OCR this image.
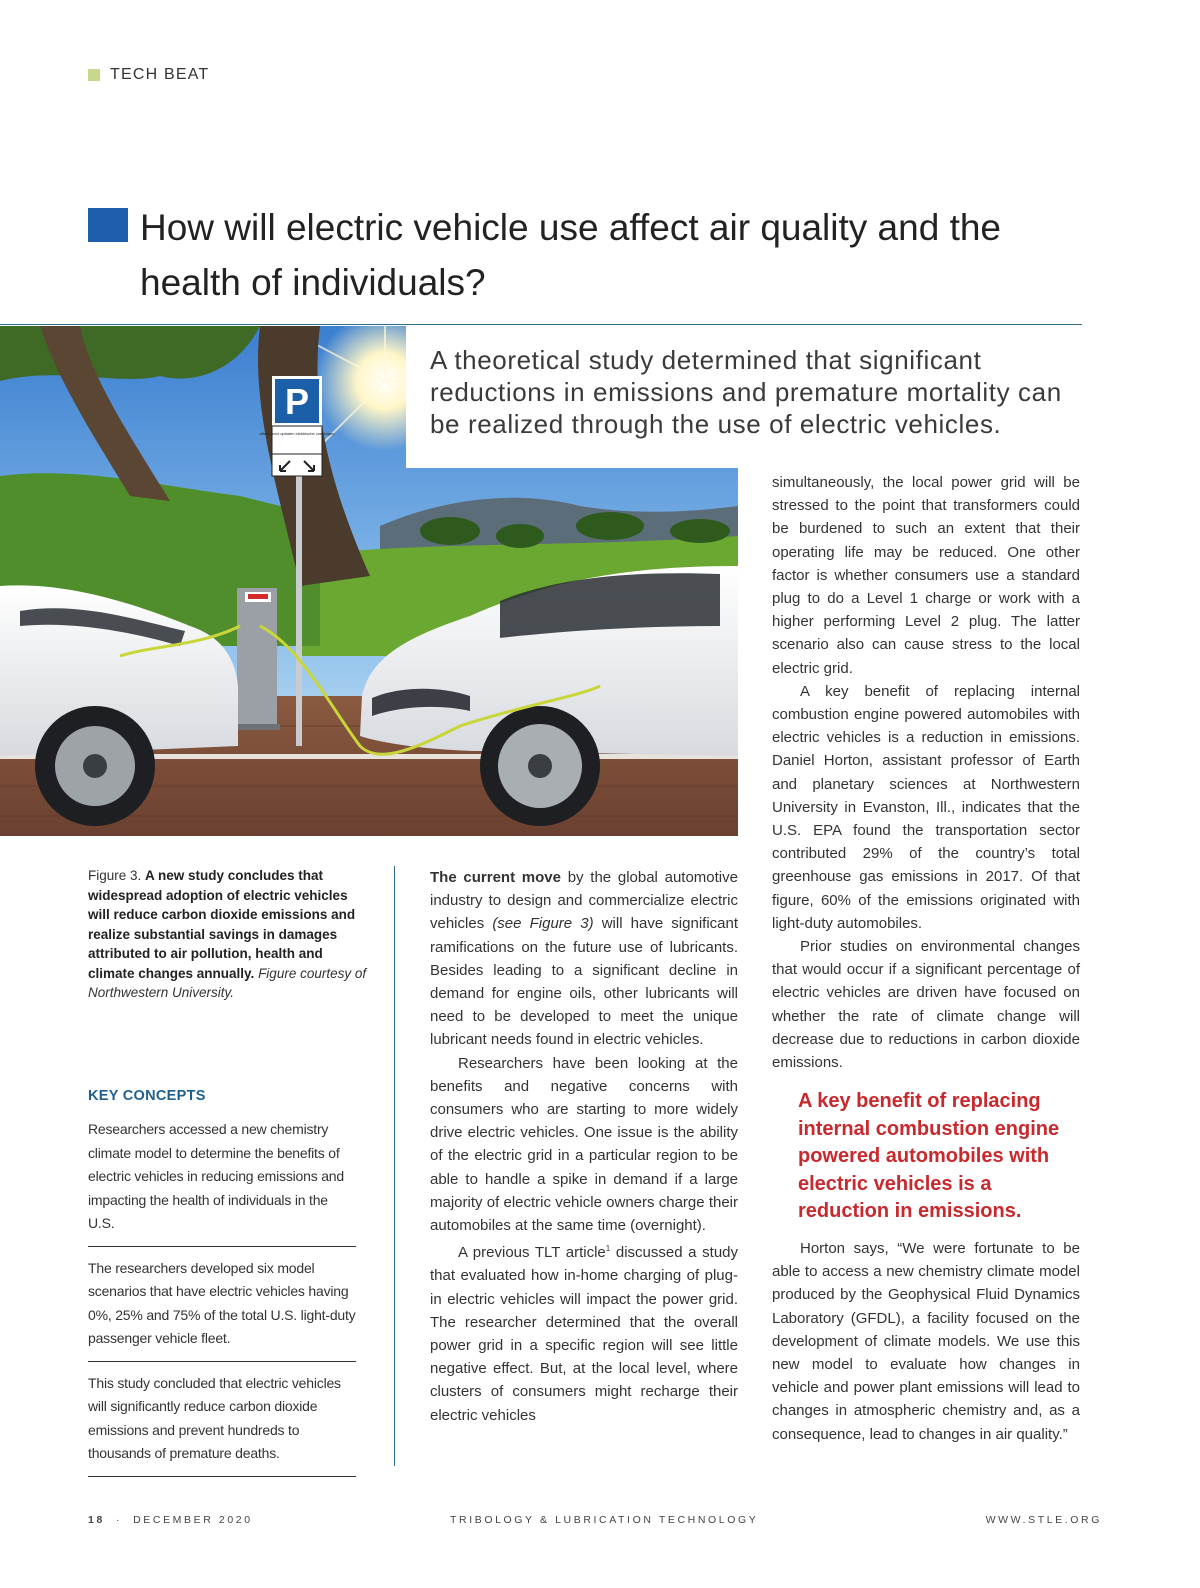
TECH BEAT
How will electric vehicle use affect air quality and the health of individuals?
P
alleen voor opladen elektrische voertuigen

A theoretical study determined that significant reductions in emissions and premature mortality can be realized through the use of electric vehicles.

Figure 3. A new study concludes that widespread adoption of electric vehicles will reduce carbon dioxide emissions and realize substantial savings in damages attributed to air pollution, health and climate changes annually. Figure courtesy of Northwestern University.
KEY CONCEPTS
Researchers accessed a new chemistry climate model to determine the benefits of electric vehicles in reducing emissions and impacting the health of individuals in the U.S.
The researchers developed six model scenarios that have electric vehicles having 0%, 25% and 75% of the total U.S. light-duty passenger vehicle fleet.
This study concluded that electric vehicles will significantly reduce carbon dioxide emissions and prevent hundreds to thousands of premature deaths.

The current move by the global automotive industry to design and commercialize electric vehicles (see Figure 3) will have significant ramifications on the future use of lubricants. Besides leading to a significant decline in demand for engine oils, other lubricants will need to be developed to meet the unique lubricant needs found in electric vehicles.

Researchers have been looking at the benefits and negative concerns with consumers who are starting to more widely drive electric vehicles. One issue is the ability of the electric grid in a particular region to be able to handle a spike in demand if a large majority of electric vehicle owners charge their automobiles at the same time (overnight).

A previous TLT article$^1$ discussed a study that evaluated how in-home charging of plug-in electric vehicles will impact the power grid. The researcher determined that the overall power grid in a specific region will see little negative effect. But, at the local level, where clusters of consumers might recharge their electric vehicles

simultaneously, the local power grid will be stressed to the point that transformers could be burdened to such an extent that their operating life may be reduced. One other factor is whether consumers use a standard plug to do a Level 1 charge or work with a higher performing Level 2 plug. The latter scenario also can cause stress to the local electric grid.

A key benefit of replacing internal combustion engine powered automobiles with electric vehicles is a reduction in emissions. Daniel Horton, assistant professor of Earth and planetary sciences at Northwestern University in Evanston, Ill., indicates that the U.S. EPA found the transportation sector contributed 29% of the country’s total greenhouse gas emissions in 2017. Of that figure, 60% of the emissions originated with light-duty automobiles.

Prior studies on environmental changes that would occur if a significant percentage of electric vehicles are driven have focused on whether the rate of climate change will decrease due to reductions in carbon dioxide emissions.

A key benefit of replacing internal combustion engine powered automobiles with electric vehicles is a reduction in emissions.

Horton says, “We were fortunate to be able to access a new chemistry climate model produced by the Geophysical Fluid Dynamics Laboratory (GFDL), a facility focused on the development of climate models. We use this new model to evaluate how changes in vehicle and power plant emissions will lead to changes in atmospheric chemistry and, as a consequence, lead to changes in air quality.”

18 · DECEMBER 2020	TRIBOLOGY & LUBRICATION TECHNOLOGY	WWW.STLE.ORG
